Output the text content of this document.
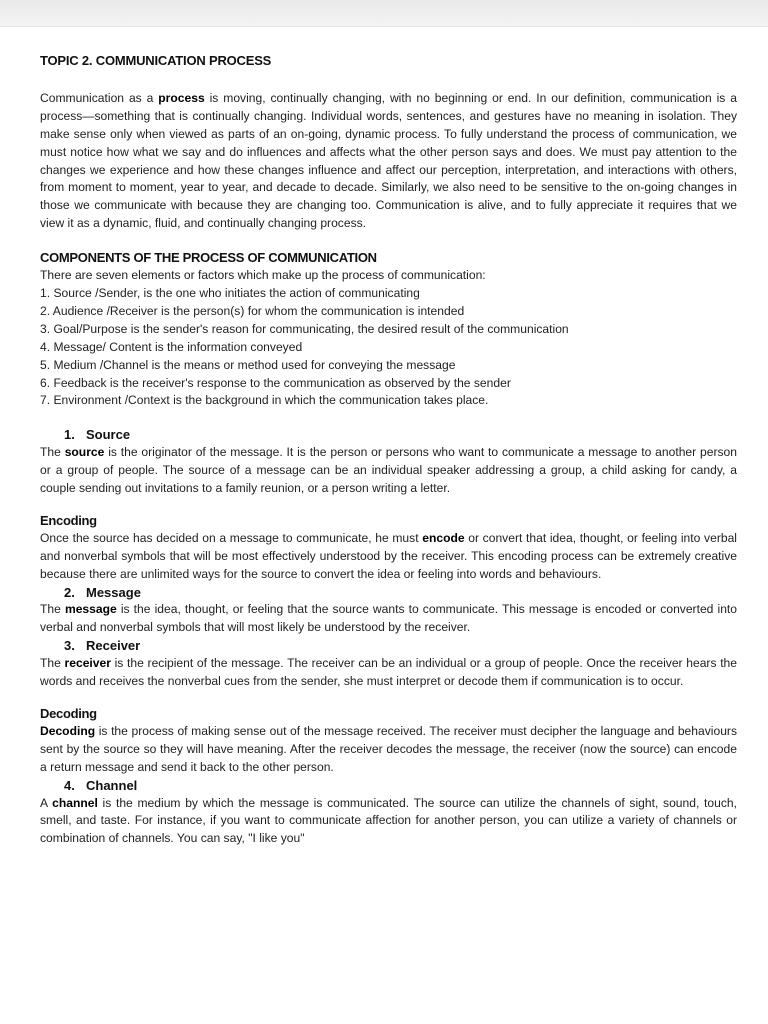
TOPIC 2. COMMUNICATION PROCESS

Communication as a process is moving, continually changing, with no beginning or end. In our definition, communication is a process—something that is continually changing. Individual words, sentences, and gestures have no meaning in isolation. They make sense only when viewed as parts of an on-going, dynamic process. To fully understand the process of communication, we must notice how what we say and do influences and affects what the other person says and does. We must pay attention to the changes we experience and how these changes influence and affect our perception, interpretation, and interactions with others, from moment to moment, year to year, and decade to decade. Similarly, we also need to be sensitive to the on-going changes in those we communicate with because they are changing too. Communication is alive, and to fully appreciate it requires that we view it as a dynamic, fluid, and continually changing process.

COMPONENTS OF THE PROCESS OF COMMUNICATION

There are seven elements or factors which make up the process of communication:

1. Source /Sender, is the one who initiates the action of communicating
2. Audience /Receiver is the person(s) for whom the communication is intended
3. Goal/Purpose is the sender's reason for communicating, the desired result of the communication
4. Message/ Content is the information conveyed
5. Medium /Channel is the means or method used for conveying the message
6. Feedback is the receiver's response to the communication as observed by the sender
7. Environment /Context is the background in which the communication takes place.
1. Source

The source is the originator of the message. It is the person or persons who want to communicate a message to another person or a group of people. The source of a message can be an individual speaker addressing a group, a child asking for candy, a couple sending out invitations to a family reunion, or a person writing a letter.

Encoding

Once the source has decided on a message to communicate, he must encode or convert that idea, thought, or feeling into verbal and nonverbal symbols that will be most effectively understood by the receiver. This encoding process can be extremely creative because there are unlimited ways for the source to convert the idea or feeling into words and behaviours.

2. Message

The message is the idea, thought, or feeling that the source wants to communicate. This message is encoded or converted into verbal and nonverbal symbols that will most likely be understood by the receiver.

3. Receiver

The receiver is the recipient of the message. The receiver can be an individual or a group of people. Once the receiver hears the words and receives the nonverbal cues from the sender, she must interpret or decode them if communication is to occur.

Decoding

Decoding is the process of making sense out of the message received. The receiver must decipher the language and behaviours sent by the source so they will have meaning. After the receiver decodes the message, the receiver (now the source) can encode a return message and send it back to the other person.

4. Channel

A channel is the medium by which the message is communicated. The source can utilize the channels of sight, sound, touch, smell, and taste. For instance, if you want to communicate affection for another person, you can utilize a variety of channels or combination of channels. You can say, "I like you"
